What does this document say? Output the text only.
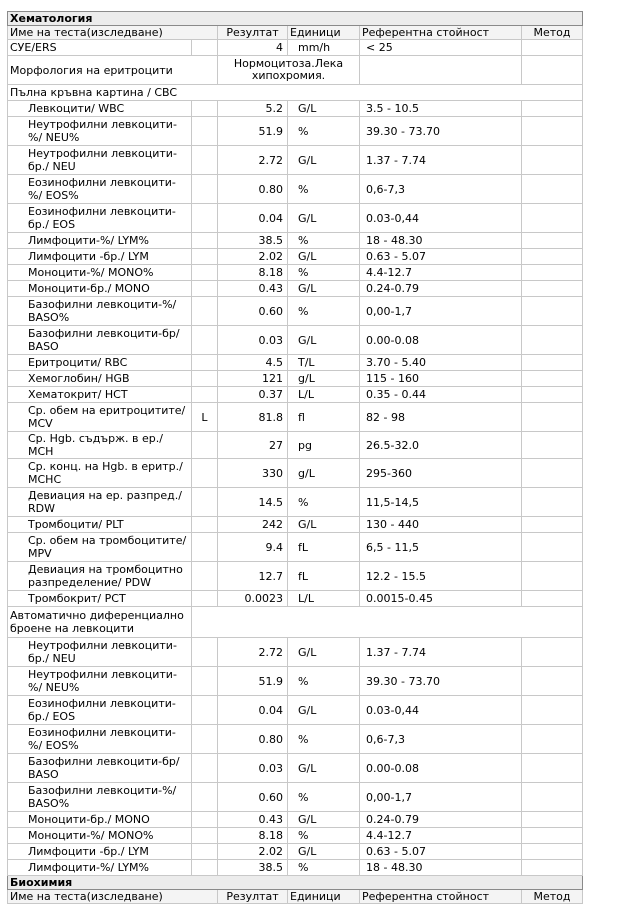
Хематология					
Име на теста(изследване)		Резултат	Единици	Референтна стойност	Метод
СУЕ/ERS		4	mm/h	< 25	
Морфология на еритроцити		Нормоцитоза.Лека хипохромия.			
Пълна кръвна картина / CBC					
Левкоцити/ WBC		5.2	G/L	3.5 - 10.5	
Неутрофилни левкоцити-%/ NEU%		51.9	%	39.30 - 73.70	
Неутрофилни левкоцити-бр./ NEU		2.72	G/L	1.37 - 7.74	
Еозинофилни левкоцити-%/ EOS%		0.80	%	0,6-7,3	
Еозинофилни левкоцити-бр./ EOS		0.04	G/L	0.03-0,44	
Лимфоцити-%/ LYM%		38.5	%	18 - 48.30	
Лимфоцити -бр./ LYM		2.02	G/L	0.63 - 5.07	
Моноцити-%/ MONO%		8.18	%	4.4-12.7	
Моноцити-бр./ MONO		0.43	G/L	0.24-0.79	
Базофилни левкоцити-%/ BASO%		0.60	%	0,00-1,7	
Базофилни левкоцити-бр/ BASO		0.03	G/L	0.00-0.08	
Еритроцити/ RBC		4.5	T/L	3.70 - 5.40	
Хемоглобин/ HGB		121	g/L	115 - 160	
Хематокрит/ HCT		0.37	L/L	0.35 - 0.44	
Ср. обем на еритроцитите/ MCV	L	81.8	fl	82 - 98	
Ср. Hgb. съдърж. в ер./ MCH		27	pg	26.5-32.0	
Ср. конц. на Hgb. в еритр./ MCHC		330	g/L	295-360	
Девиация на ер. разпред./ RDW		14.5	%	11,5-14,5	
Тромбоцити/ PLT		242	G/L	130 - 440	
Ср. обем на тромбоцитите/ MPV		9.4	fL	6,5 - 11,5	
Девиация на тромбоцитно разпределение/ PDW		12.7	fL	12.2 - 15.5	
Тромбокрит/ PCT		0.0023	L/L	0.0015-0.45	
Автоматично диференциално броене на левкоцити					
Неутрофилни левкоцити-бр./ NEU		2.72	G/L	1.37 - 7.74	
Неутрофилни левкоцити-%/ NEU%		51.9	%	39.30 - 73.70	
Еозинофилни левкоцити-бр./ EOS		0.04	G/L	0.03-0,44	
Еозинофилни левкоцити-%/ EOS%		0.80	%	0,6-7,3	
Базофилни левкоцити-бр/ BASO		0.03	G/L	0.00-0.08	
Базофилни левкоцити-%/ BASO%		0.60	%	0,00-1,7	
Моноцити-бр./ MONO		0.43	G/L	0.24-0.79	
Моноцити-%/ MONO%		8.18	%	4.4-12.7	
Лимфоцити -бр./ LYM		2.02	G/L	0.63 - 5.07	
Лимфоцити-%/ LYM%		38.5	%	18 - 48.30	
Биохимия					
Име на теста(изследване)		Резултат	Единици	Референтна стойност	Метод
